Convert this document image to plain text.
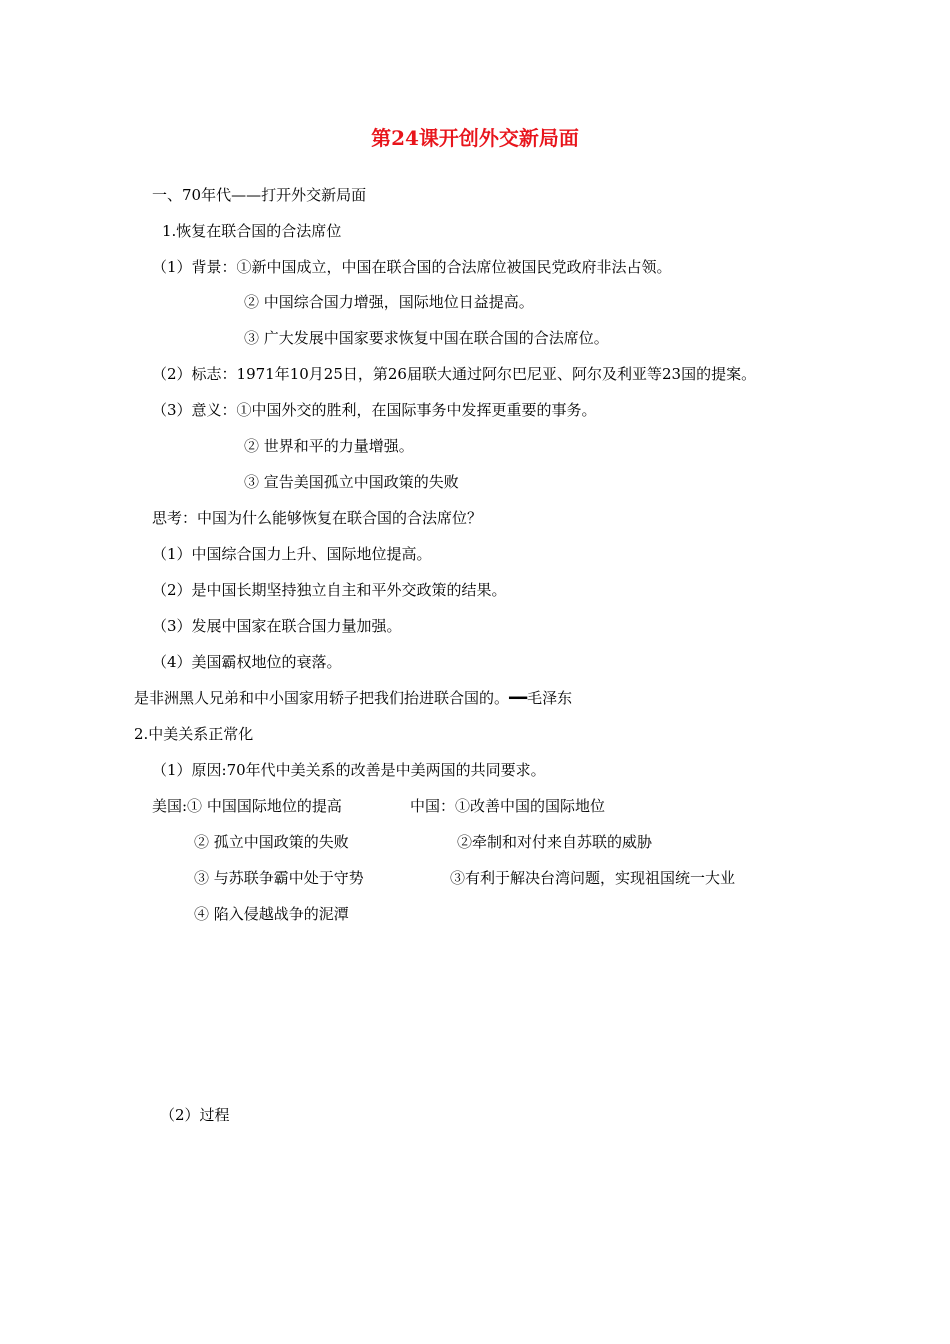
第24课开创外交新局面
一、70年代——打开外交新局面
1.恢复在联合国的合法席位
（1）背景：①新中国成立，中国在联合国的合法席位被国民党政府非法占领。
② 中国综合国力增强，国际地位日益提高。
③ 广大发展中国家要求恢复中国在联合国的合法席位。
（2）标志：1971年10月25日，第26届联大通过阿尔巴尼亚、阿尔及利亚等23国的提案。
（3）意义：①中国外交的胜利，在国际事务中发挥更重要的事务。
② 世界和平的力量增强。
③ 宣告美国孤立中国政策的失败
思考：中国为什么能够恢复在联合国的合法席位？
（1）中国综合国力上升、国际地位提高。
（2）是中国长期坚持独立自主和平外交政策的结果。
（3）发展中国家在联合国力量加强。
（4）美国霸权地位的衰落。
是非洲黑人兄弟和中小国家用轿子把我们抬进联合国的。━━毛泽东
2.中美关系正常化
（1）原因:70年代中美关系的改善是中美两国的共同要求。
美国:① 中国国际地位的提高	中国：①改善中国的国际地位
② 孤立中国政策的失败	②牵制和对付来自苏联的威胁
③ 与苏联争霸中处于守势	③有利于解决台湾问题，实现祖国统一大业
④ 陷入侵越战争的泥潭
（2）过程
